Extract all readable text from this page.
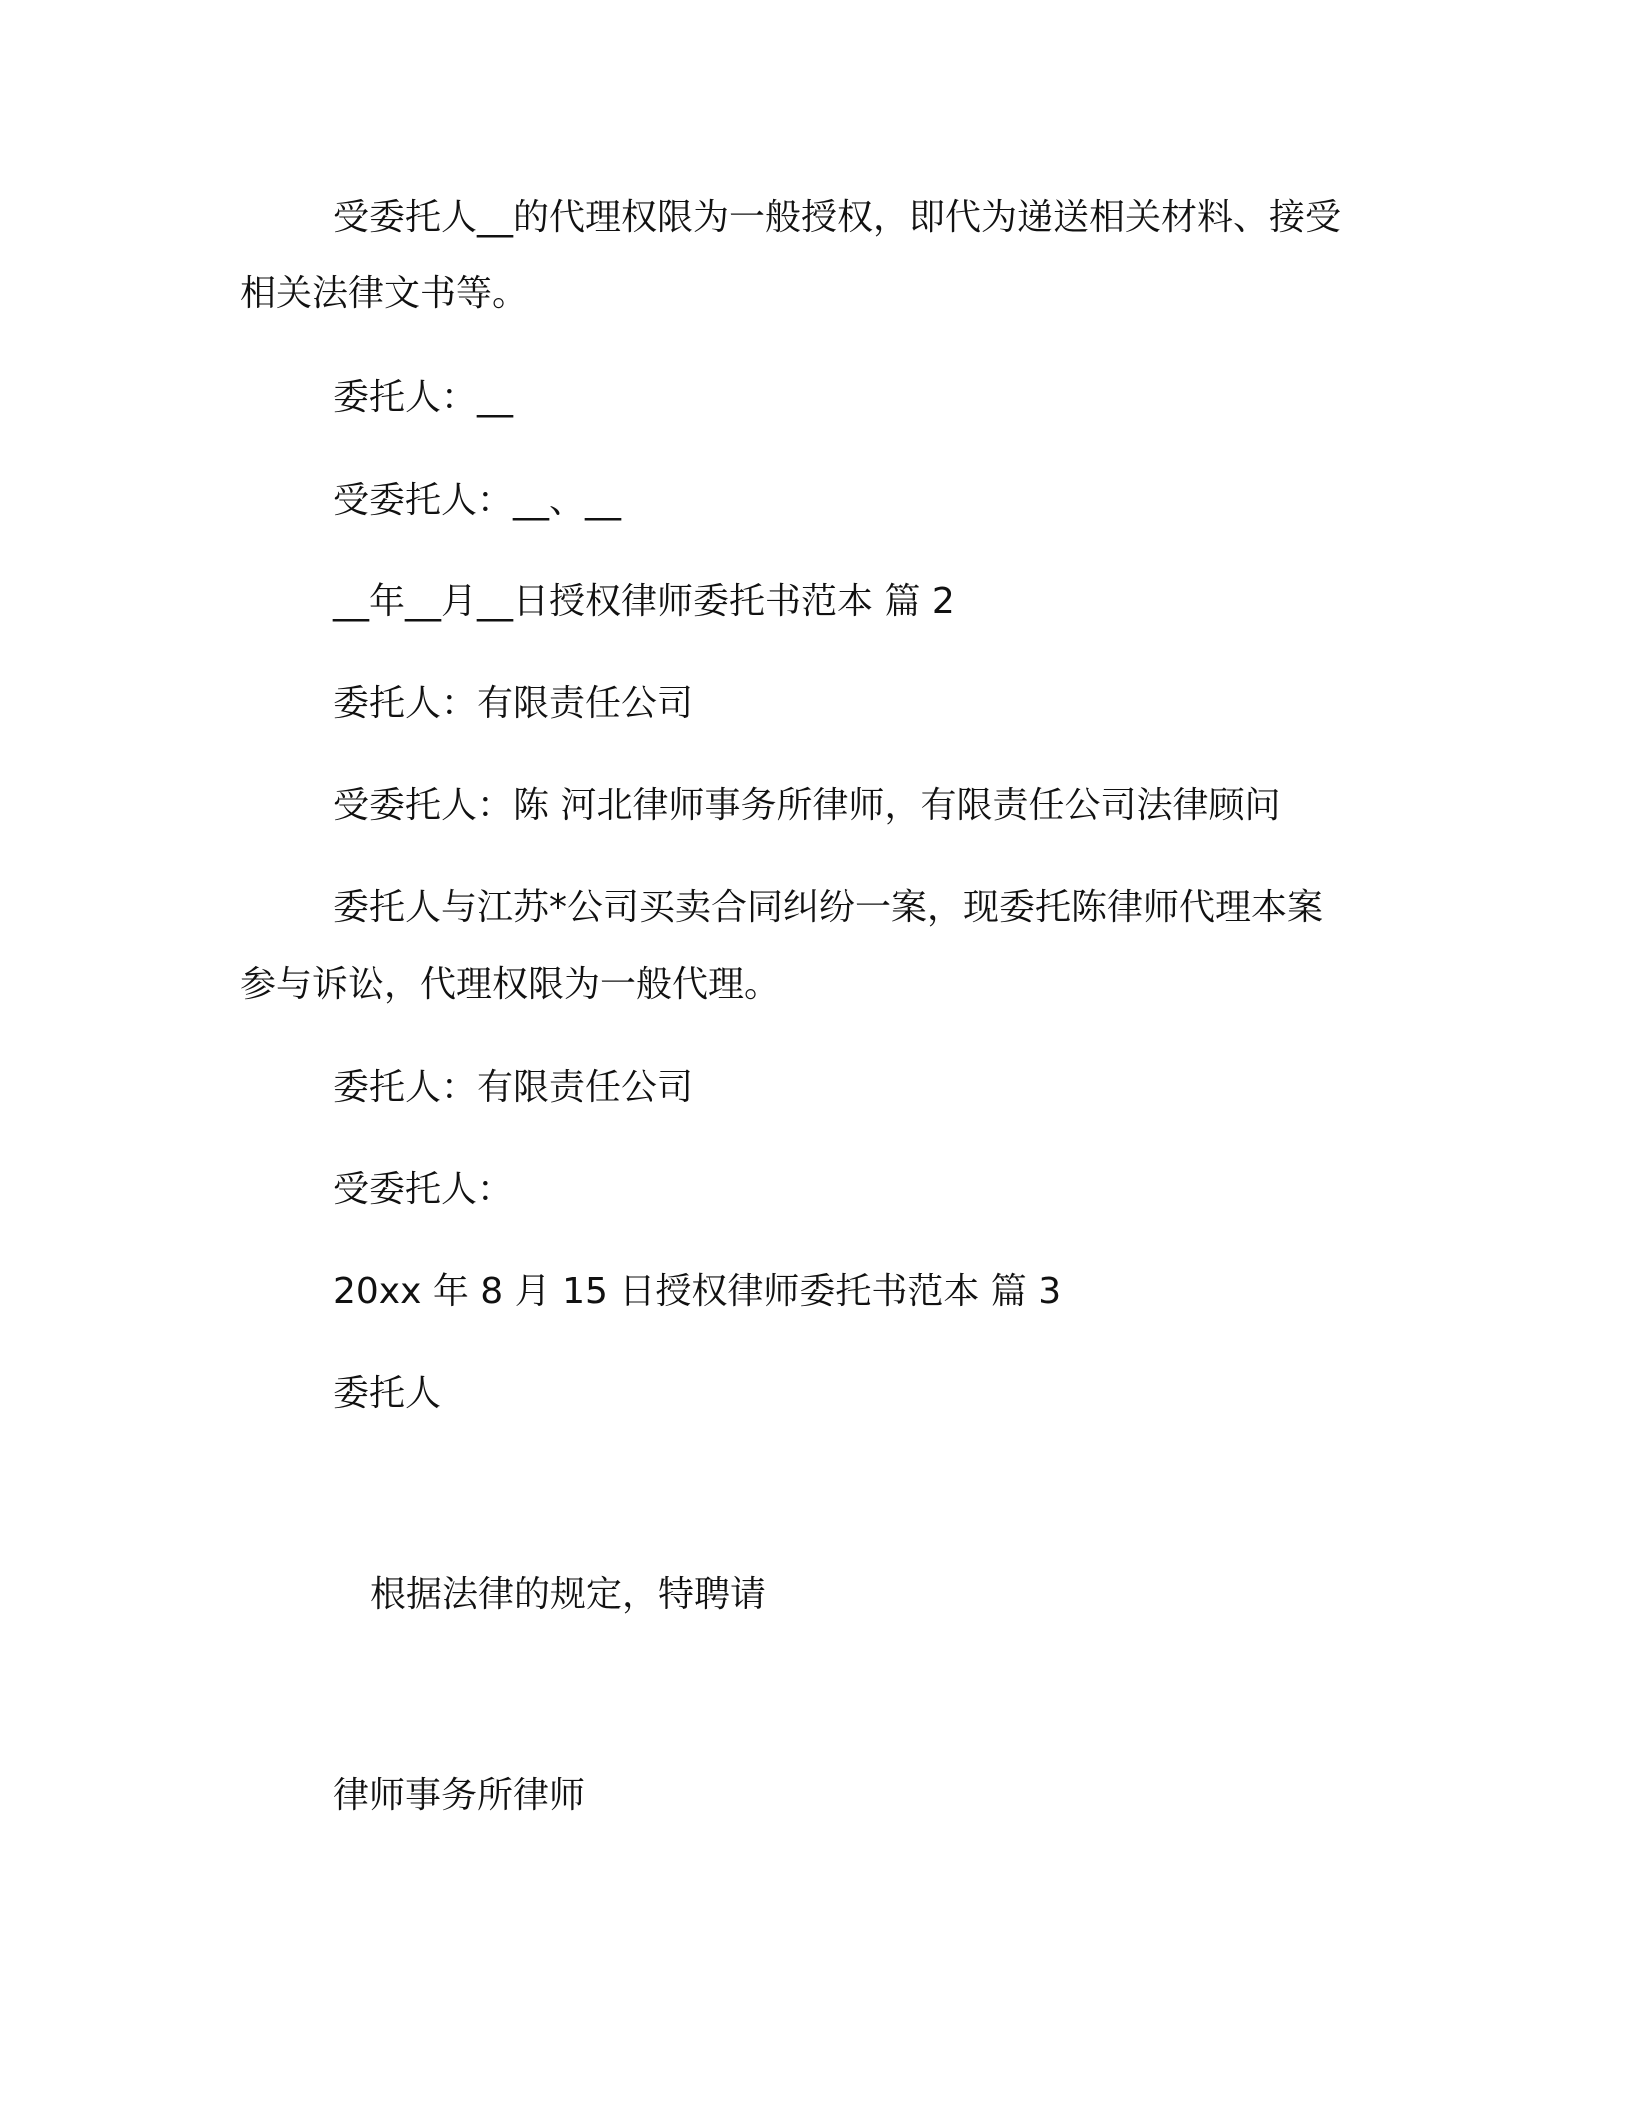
受委托人__的代理权限为一般授权，即代为递送相关材料、接受
相关法律文书等。
委托人：__
受委托人：__、__
__年__月__日授权律师委托书范本 篇 2
委托人：有限责任公司
受委托人：陈 河北律师事务所律师，有限责任公司法律顾问
委托人与江苏*公司买卖合同纠纷一案，现委托陈律师代理本案
参与诉讼，代理权限为一般代理。
委托人：有限责任公司
受委托人：
20xx 年 8 月 15 日授权律师委托书范本 篇 3
委托人
根据法律的规定，特聘请
律师事务所律师
